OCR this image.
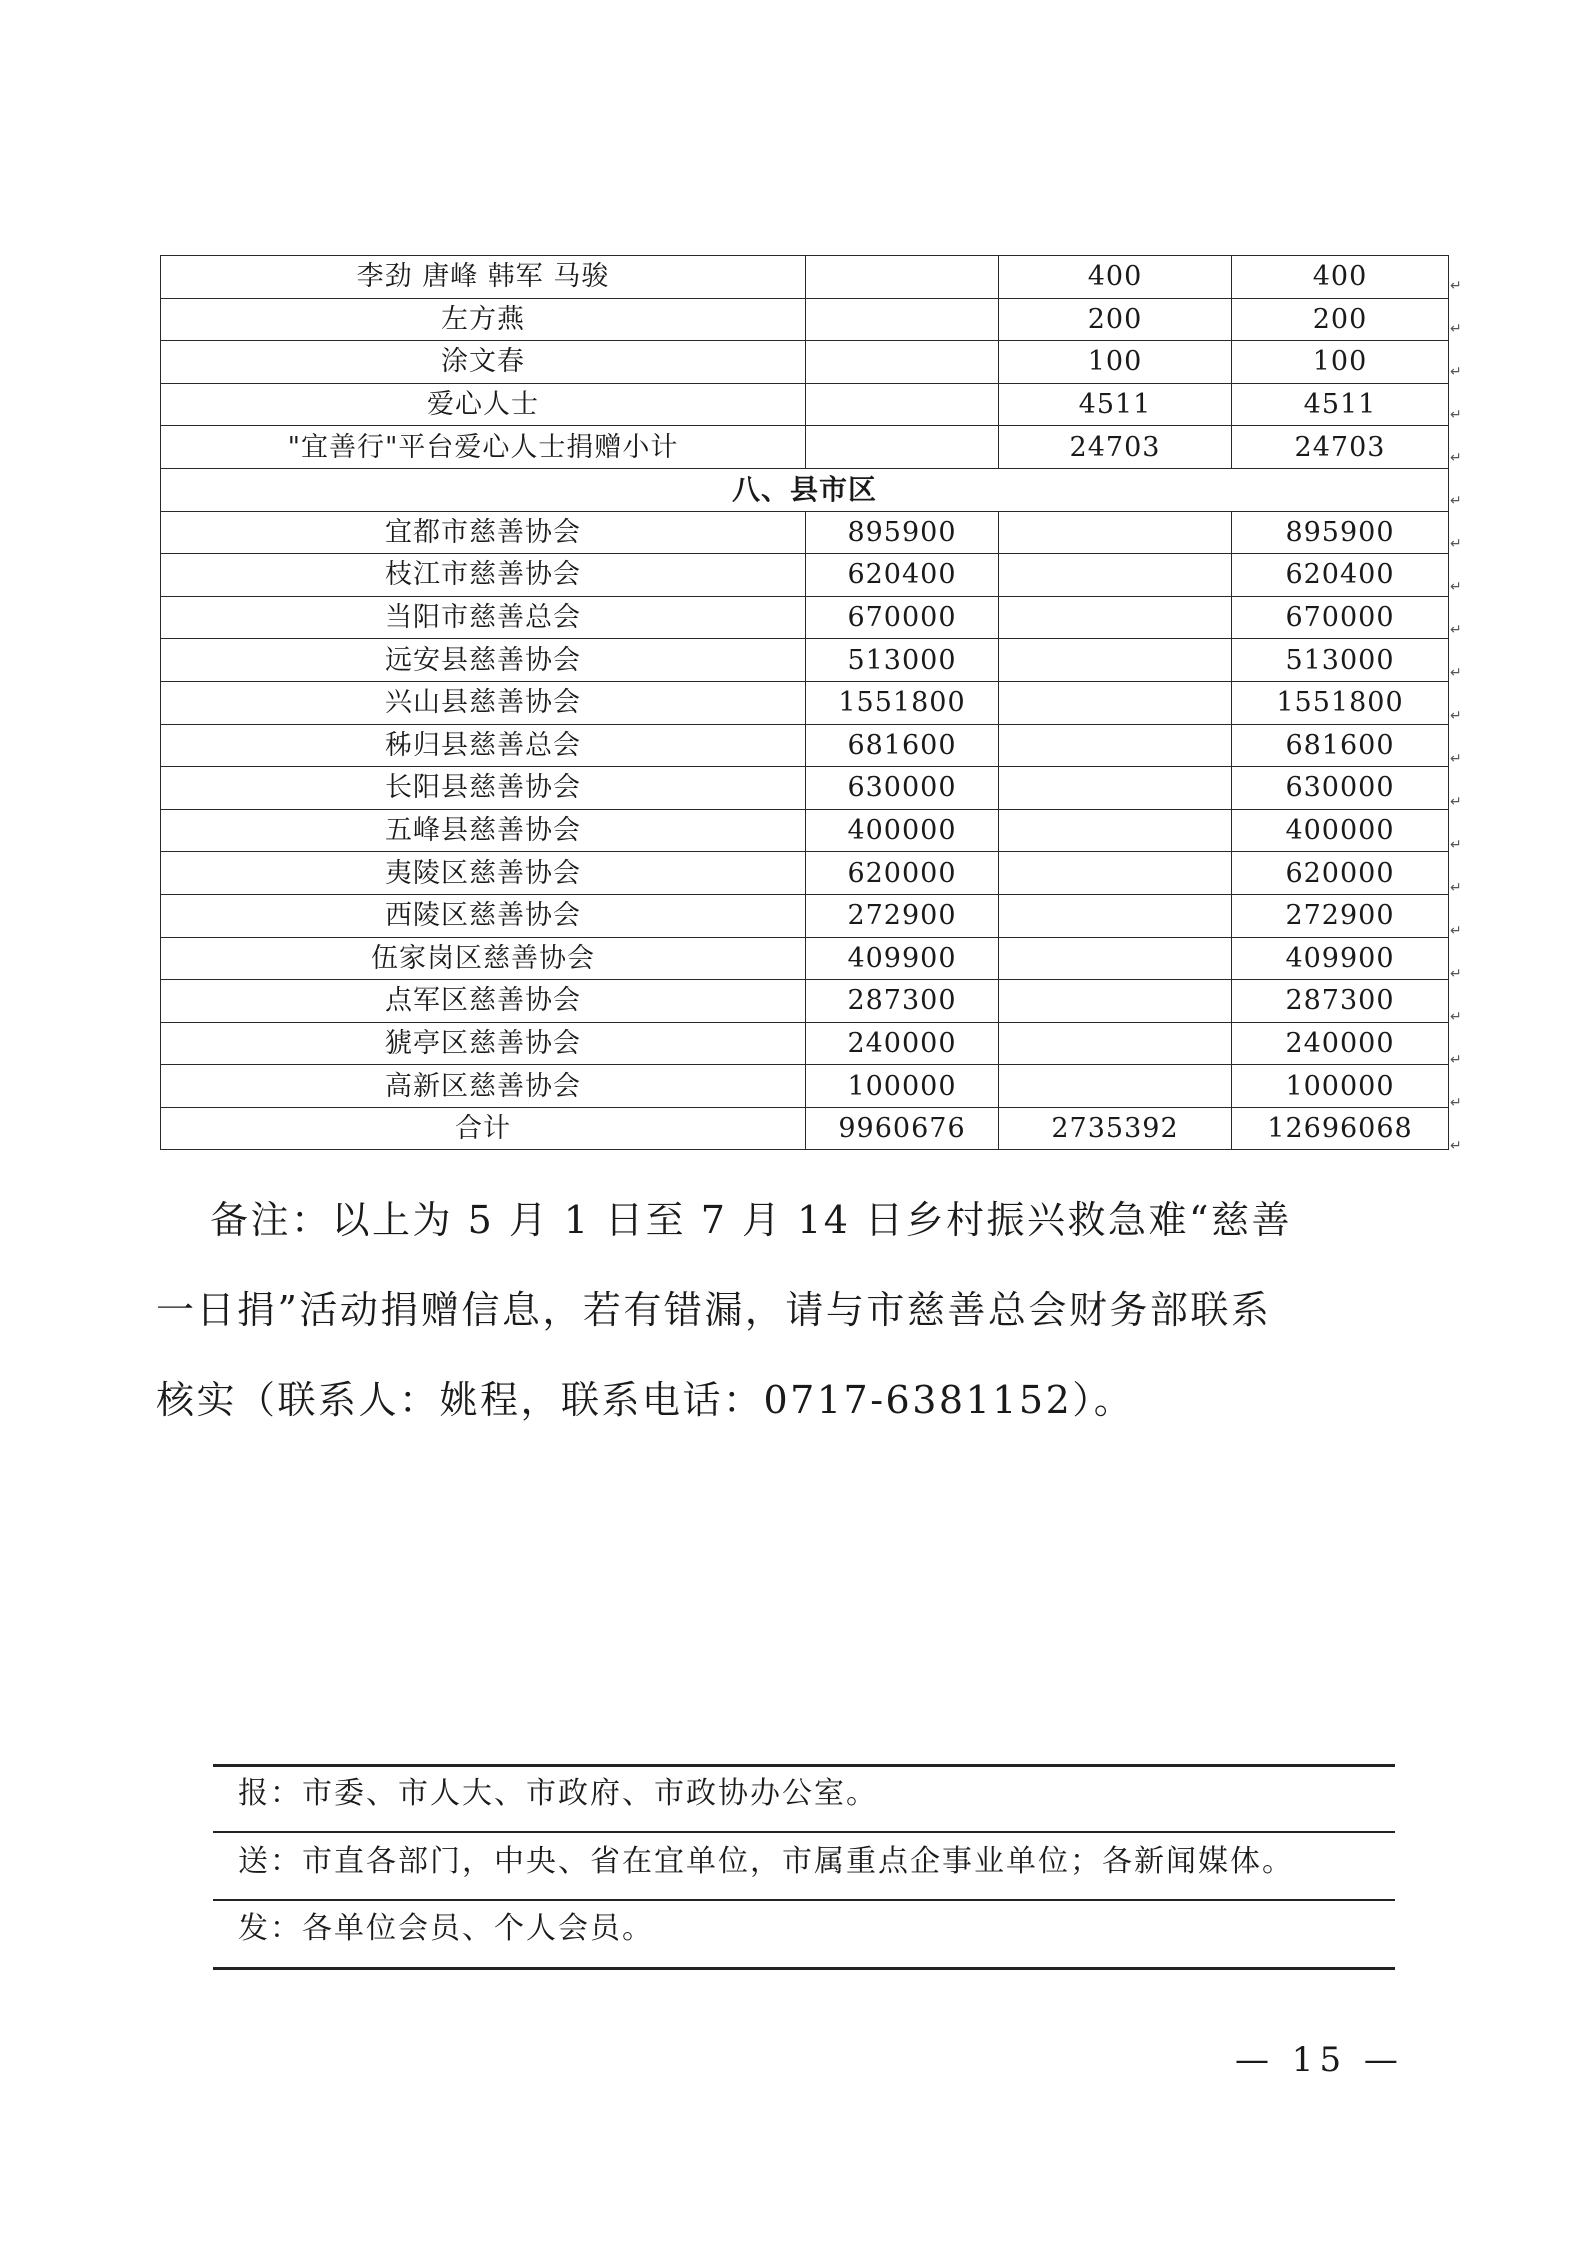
李劲 唐峰 韩军 马骏		400	400
左方燕		200	200
涂文春		100	100
爱心人士		4511	4511
"宜善行"平台爱心人士捐赠小计		24703	24703
八、县市区			
宜都市慈善协会	895900		895900
枝江市慈善协会	620400		620400
当阳市慈善总会	670000		670000
远安县慈善协会	513000		513000
兴山县慈善协会	1551800		1551800
秭归县慈善总会	681600		681600
长阳县慈善协会	630000		630000
五峰县慈善协会	400000		400000
夷陵区慈善协会	620000		620000
西陵区慈善协会	272900		272900
伍家岗区慈善协会	409900		409900
点军区慈善协会	287300		287300
猇亭区慈善协会	240000		240000
高新区慈善协会	100000		100000
合计	9960676	2735392	12696068
↵
↵
↵
↵
↵
↵
↵
↵
↵
↵
↵
↵
↵
↵
↵
↵
↵
↵
↵
↵
↵

备注：以上为 5 月 1 日至 7 月 14 日乡村振兴救急难“慈善
一日捐”活动捐赠信息，若有错漏，请与市慈善总会财务部联系
核实（联系人：姚程，联系电话：0717-6381152）。

报：市委、市人大、市政府、市政协办公室。
送：市直各部门，中央、省在宜单位，市属重点企事业单位；各新闻媒体。
发：各单位会员、个人会员。
— 15 —
